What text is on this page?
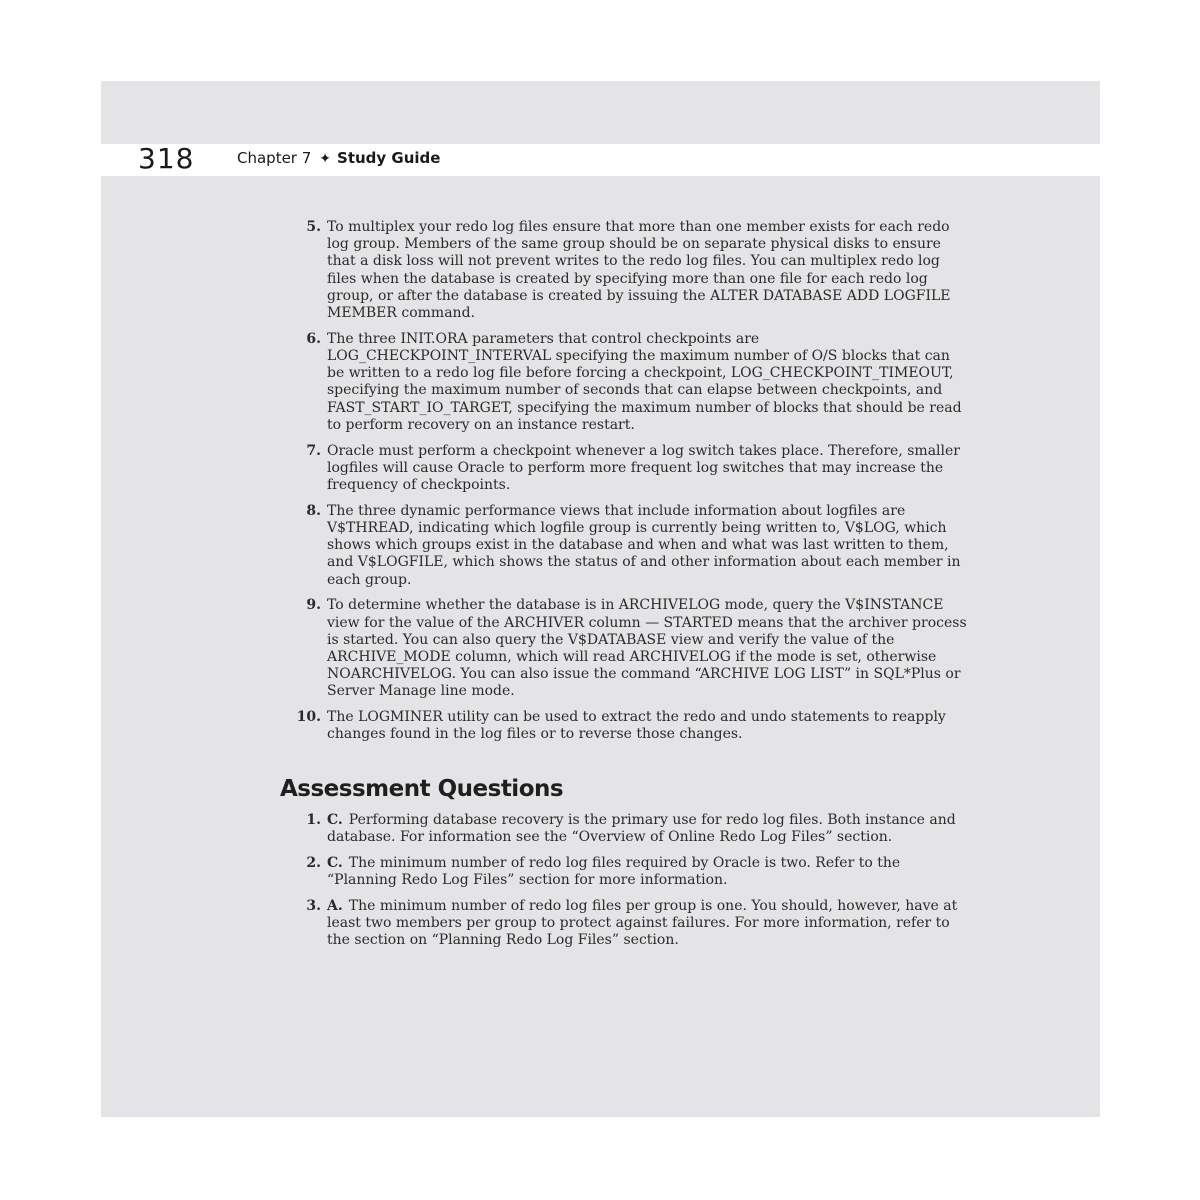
318	Chapter 7 ✦ Study Guide
5. To multiplex your redo log files ensure that more than one member exists for each redo log group. Members of the same group should be on separate physical disks to ensure that a disk loss will not prevent writes to the redo log files. You can multiplex redo log files when the database is created by specifying more than one file for each redo log group, or after the database is created by issuing the ALTER DATABASE ADD LOGFILE MEMBER command.
6. The three INIT.ORA parameters that control checkpoints are LOG_CHECKPOINT_INTERVAL specifying the maximum number of O/S blocks that can be written to a redo log file before forcing a checkpoint, LOG_CHECKPOINT_TIMEOUT, specifying the maximum number of seconds that can elapse between checkpoints, and FAST_START_IO_TARGET, specifying the maximum number of blocks that should be read to perform recovery on an instance restart.
7. Oracle must perform a checkpoint whenever a log switch takes place. Therefore, smaller logfiles will cause Oracle to perform more frequent log switches that may increase the frequency of checkpoints.
8. The three dynamic performance views that include information about logfiles are V$THREAD, indicating which logfile group is currently being written to, V$LOG, which shows which groups exist in the database and when and what was last written to them, and V$LOGFILE, which shows the status of and other information about each member in each group.
9. To determine whether the database is in ARCHIVELOG mode, query the V$INSTANCE view for the value of the ARCHIVER column — STARTED means that the archiver process is started. You can also query the V$DATABASE view and verify the value of the ARCHIVE_MODE column, which will read ARCHIVELOG if the mode is set, otherwise NOARCHIVELOG. You can also issue the command “ARCHIVE LOG LIST” in SQL*Plus or Server Manage line mode.
10. The LOGMINER utility can be used to extract the redo and undo statements to reapply changes found in the log files or to reverse those changes.
Assessment Questions
1. C. Performing database recovery is the primary use for redo log files. Both instance and database. For information see the “Overview of Online Redo Log Files” section.
2. C. The minimum number of redo log files required by Oracle is two. Refer to the “Planning Redo Log Files” section for more information.
3. A. The minimum number of redo log files per group is one. You should, however, have at least two members per group to protect against failures. For more information, refer to the section on “Planning Redo Log Files” section.
